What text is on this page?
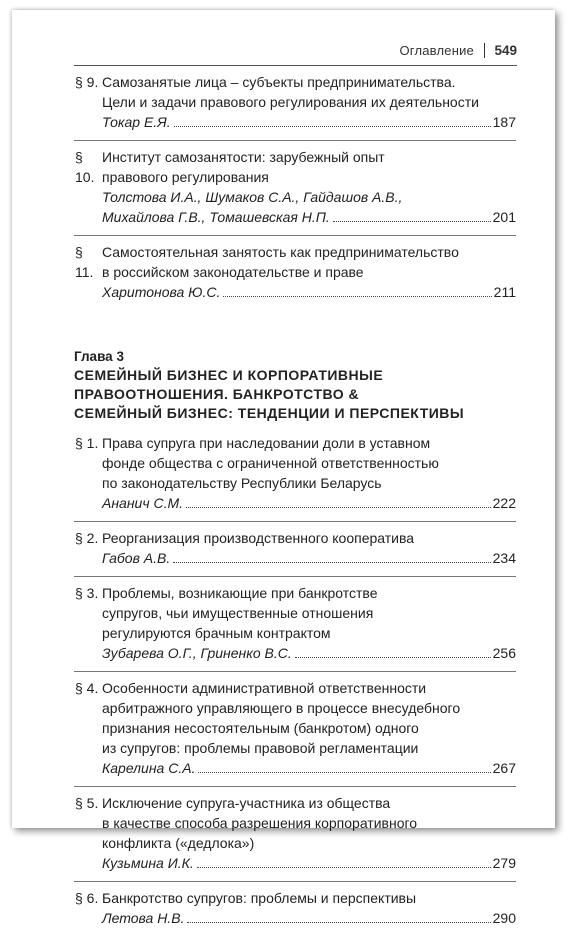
Оглавление 549
§ 9. Самозанятые лица – субъекты предпринимательства.
Цели и задачи правового регулирования их деятельности
Токар Е.Я.	187
§ 10.
Институт самозанятости: зарубежный опыт
правового регулирования
Толстова И.А., Шумаков С.А., Гайдашов А.В.,
Михайлова Г.В., Томашевская Н.П.	201
§ 11.
Самостоятельная занятость как предпринимательство
в российском законодательстве и праве
Харитонова Ю.С.	211
Глава 3
СЕМЕЙНЫЙ БИЗНЕС И КОРПОРАТИВНЫЕ
ПРАВООТНОШЕНИЯ. БАНКРОТСТВО &
СЕМЕЙНЫЙ БИЗНЕС: ТЕНДЕНЦИИ И ПЕРСПЕКТИВЫ
§ 1. Права супруга при наследовании доли в уставном
фонде общества с ограниченной ответственностью
по законодательству Республики Беларусь
Ананич С.М.	222
§ 2. Реорганизация производственного кооператива
Габов А.В.	234
§ 3. Проблемы, возникающие при банкротстве
супругов, чьи имущественные отношения
регулируются брачным контрактом
Зубарева О.Г., Гриненко В.С.	256
§ 4. Особенности административной ответственности
арбитражного управляющего в процессе внесудебного
признания несостоятельным (банкротом) одного
из супругов: проблемы правовой регламентации
Карелина С.А.	267
§ 5. Исключение супруга-участника из общества
в качестве способа разрешения корпоративного
конфликта («дедлока»)
Кузьмина И.К.	279
§ 6. Банкротство супругов: проблемы и перспективы
Летова Н.В.	290
